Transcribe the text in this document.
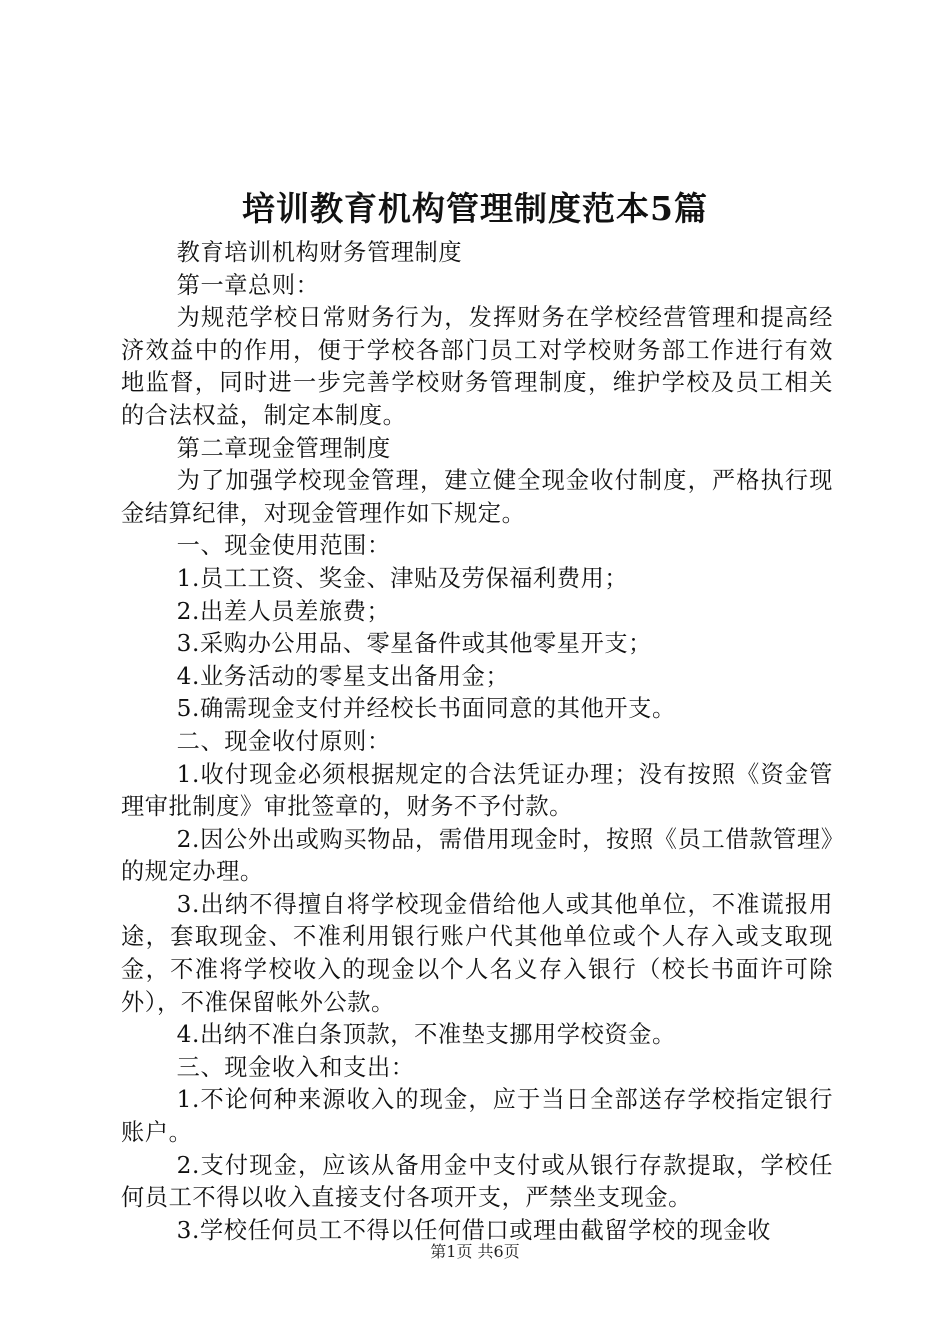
培训教育机构管理制度范本5篇

教育培训机构财务管理制度

第一章总则：

为规范学校日常财务行为，发挥财务在学校经营管理和提高经济效益中的作用，便于学校各部门员工对学校财务部工作进行有效地监督，同时进一步完善学校财务管理制度，维护学校及员工相关的合法权益，制定本制度。

第二章现金管理制度

为了加强学校现金管理，建立健全现金收付制度，严格执行现金结算纪律，对现金管理作如下规定。

一、现金使用范围：

1.员工工资、奖金、津贴及劳保福利费用；

2.出差人员差旅费；

3.采购办公用品、零星备件或其他零星开支；

4.业务活动的零星支出备用金；

5.确需现金支付并经校长书面同意的其他开支。

二、现金收付原则：

1.收付现金必须根据规定的合法凭证办理；没有按照《资金管理审批制度》审批签章的，财务不予付款。

2.因公外出或购买物品，需借用现金时，按照《员工借款管理》的规定办理。

3.出纳不得擅自将学校现金借给他人或其他单位，不准谎报用途，套取现金、不准利用银行账户代其他单位或个人存入或支取现金，不准将学校收入的现金以个人名义存入银行（校长书面许可除外），不准保留帐外公款。

4.出纳不准白条顶款，不准垫支挪用学校资金。

三、现金收入和支出：

1.不论何种来源收入的现金，应于当日全部送存学校指定银行账户。

2.支付现金，应该从备用金中支付或从银行存款提取，学校任何员工不得以收入直接支付各项开支，严禁坐支现金。

3.学校任何员工不得以任何借口或理由截留学校的现金收

第1页 共6页
